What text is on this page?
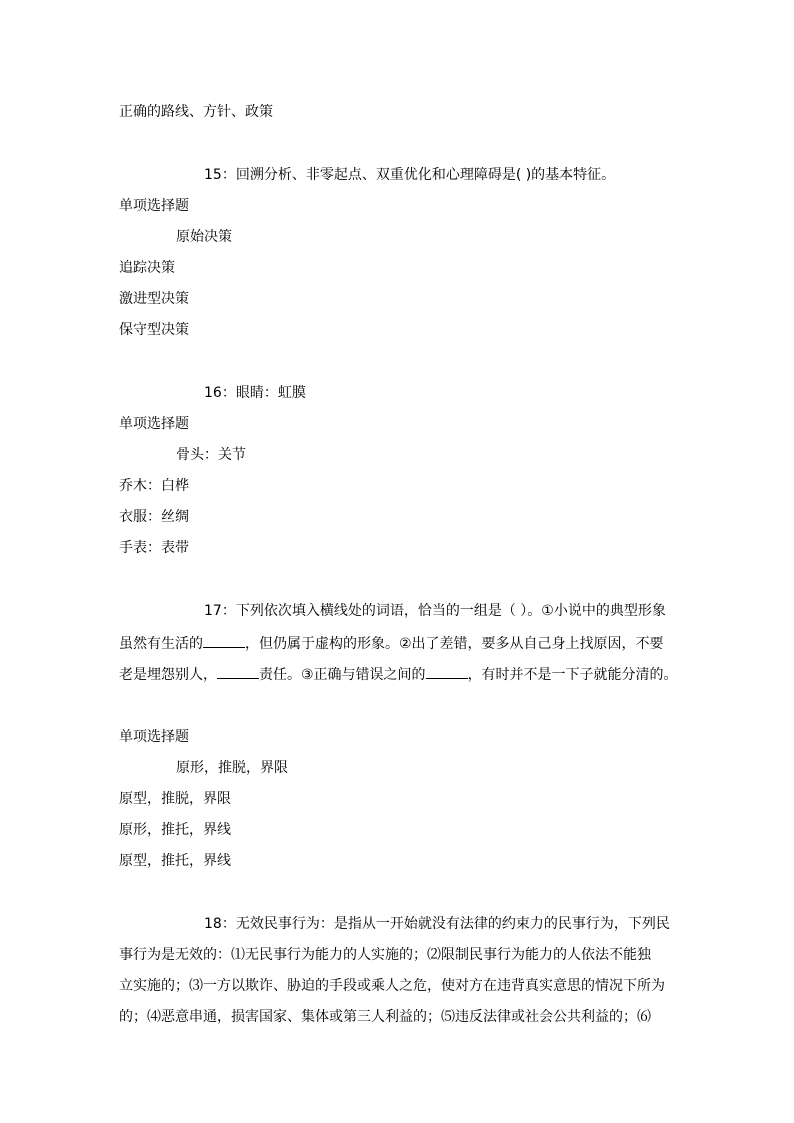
正确的路线、方针、政策
15：回溯分析、非零起点、双重优化和心理障碍是( )的基本特征。
单项选择题
原始决策
追踪决策
激进型决策
保守型决策
16：眼睛：虹膜
单项选择题
骨头：关节
乔木：白桦
衣服：丝绸
手表：表带
17：下列依次填入横线处的词语，恰当的一组是（ ）。①小说中的典型形象
虽然有生活的	，但仍属于虚构的形象。②出了差错，要多从自己身上找原因，不要
老是埋怨别人，	责任。③正确与错误之间的	，有时并不是一下子就能分清的。
单项选择题
原形，推脱，界限
原型，推脱，界限
原形，推托，界线
原型，推托，界线
18：无效民事行为：是指从一开始就没有法律的约束力的民事行为，下列民
事行为是无效的：⑴无民事行为能力的人实施的；⑵限制民事行为能力的人依法不能独
立实施的；⑶一方以欺诈、胁迫的手段或乘人之危，使对方在违背真实意思的情况下所为
的；⑷恶意串通，损害国家、集体或第三人利益的；⑸违反法律或社会公共利益的；⑹
